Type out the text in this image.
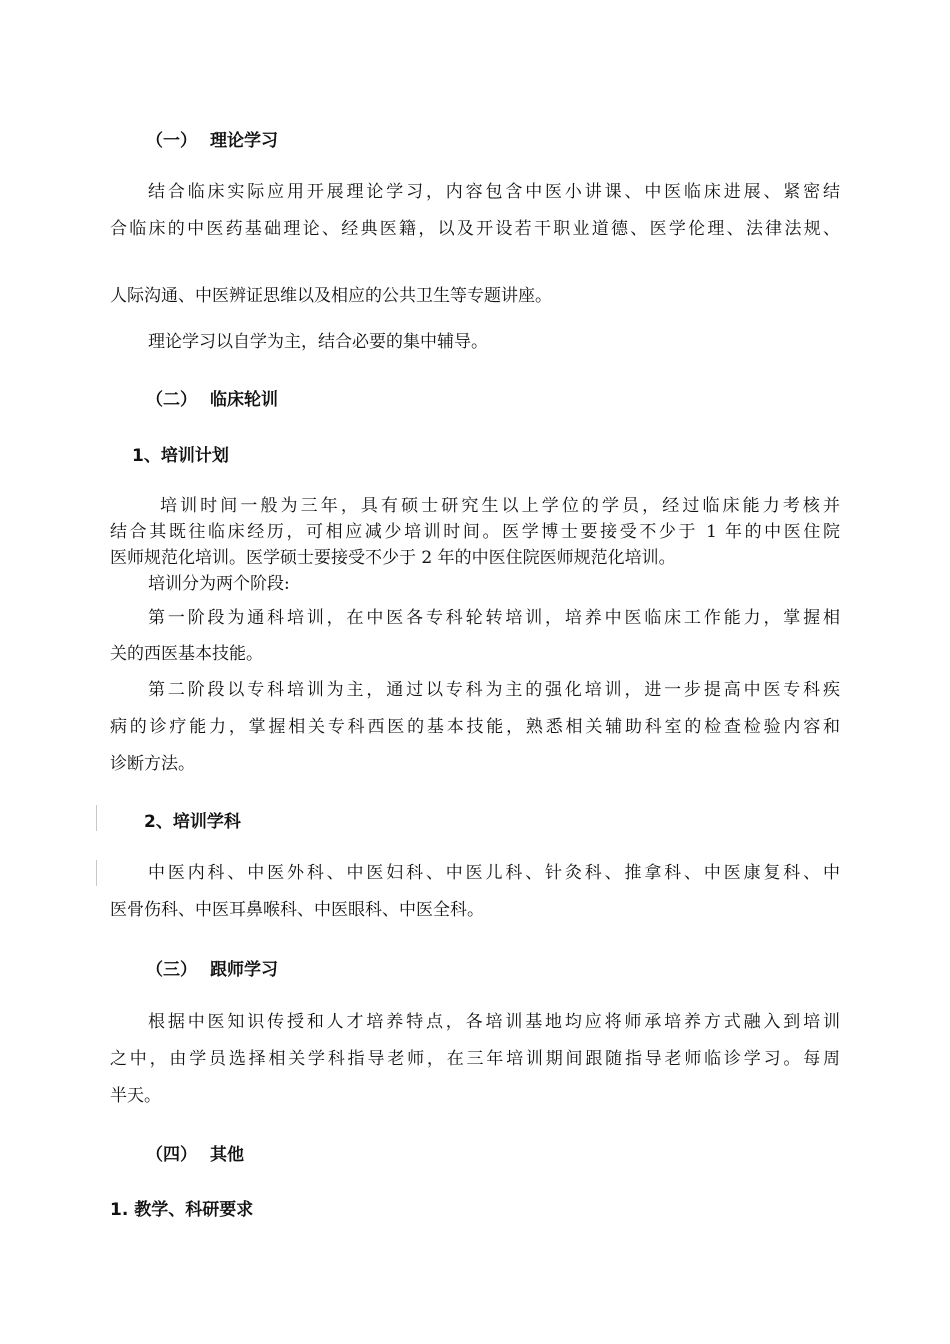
（一） 理论学习
结合临床实际应用开展理论学习，内容包含中医小讲课、中医临床进展、紧密结
合临床的中医药基础理论、经典医籍，以及开设若干职业道德、医学伦理、法律法规、
人际沟通、中医辨证思维以及相应的公共卫生等专题讲座。
理论学习以自学为主，结合必要的集中辅导。
（二） 临床轮训
1、培训计划
培训时间一般为三年，具有硕士研究生以上学位的学员，经过临床能力考核并
结合其既往临床经历，可相应减少培训时间。医学博士要接受不少于 1 年的中医住院
医师规范化培训。医学硕士要接受不少于 2 年的中医住院医师规范化培训。
培训分为两个阶段:
第一阶段为通科培训，在中医各专科轮转培训，培养中医临床工作能力，掌握相
关的西医基本技能。
第二阶段以专科培训为主，通过以专科为主的强化培训，进一步提高中医专科疾
病的诊疗能力，掌握相关专科西医的基本技能，熟悉相关辅助科室的检查检验内容和
诊断方法。
2、培训学科
中医内科、中医外科、中医妇科、中医儿科、针灸科、推拿科、中医康复科、中
医骨伤科、中医耳鼻喉科、中医眼科、中医全科。
（三） 跟师学习
根据中医知识传授和人才培养特点，各培训基地均应将师承培养方式融入到培训
之中，由学员选择相关学科指导老师，在三年培训期间跟随指导老师临诊学习。每周
半天。
（四） 其他
1. 教学、科研要求
